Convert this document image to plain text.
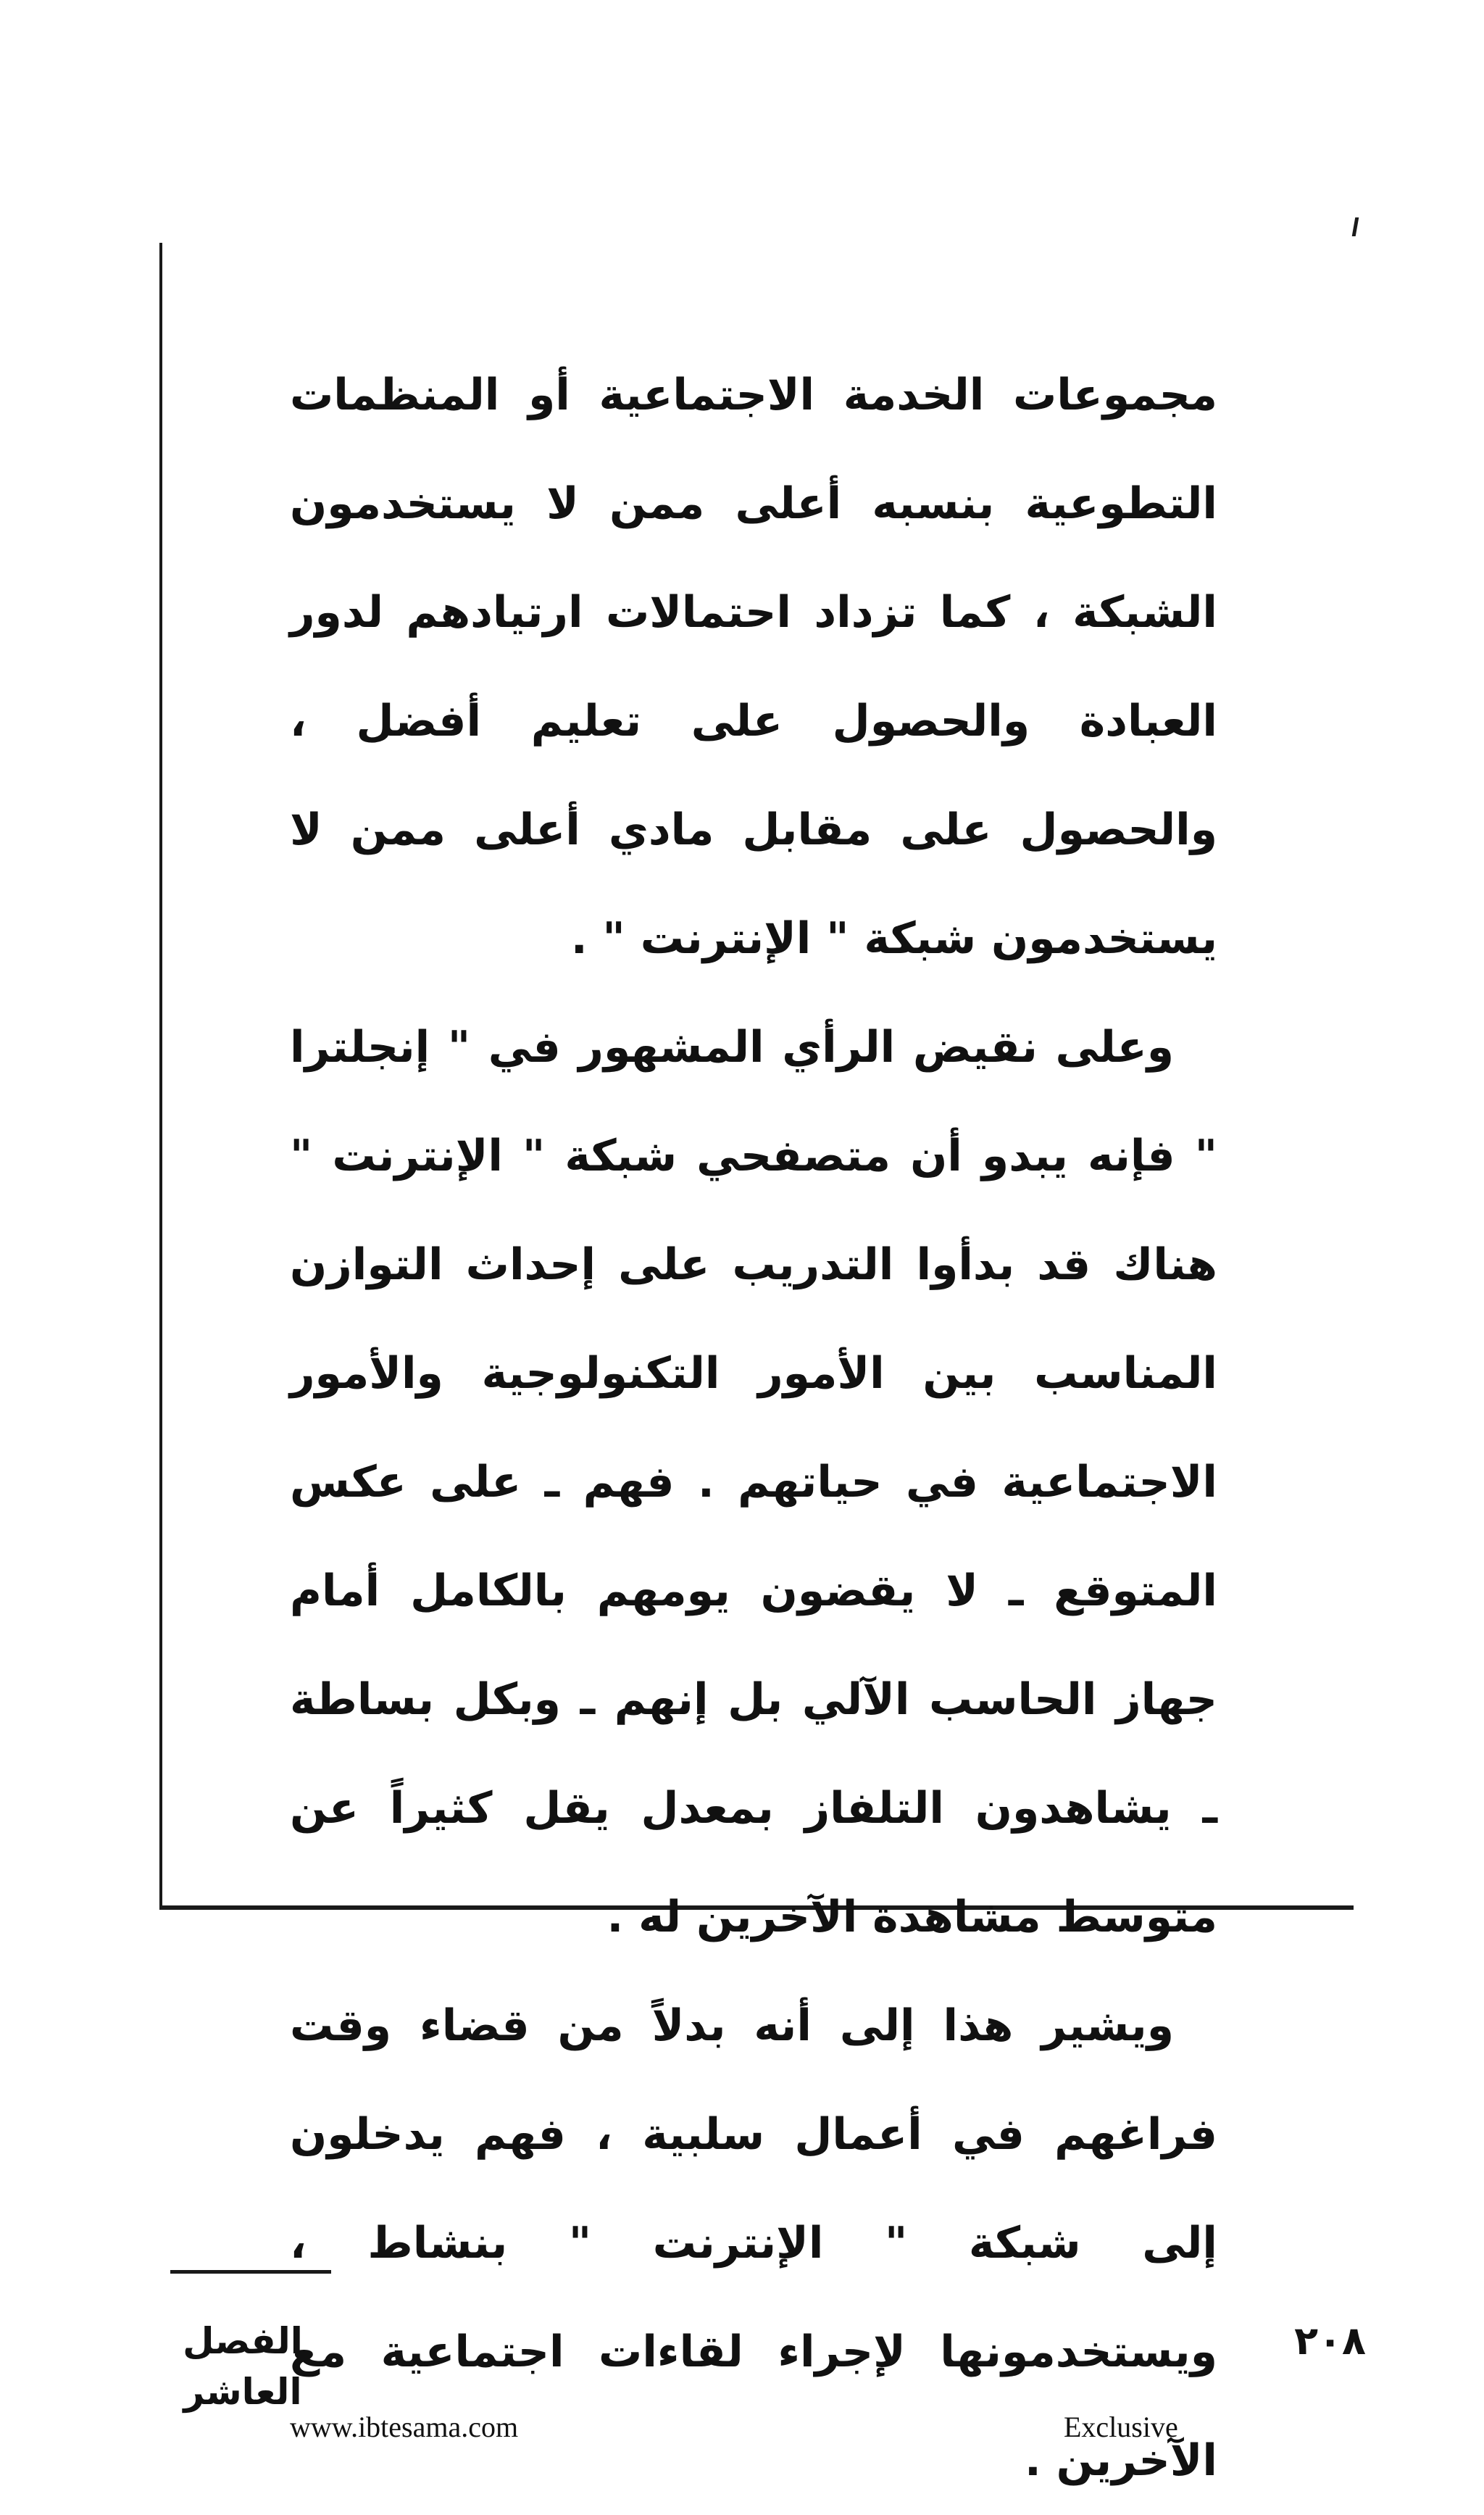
مجموعات الخدمة الاجتماعية أو المنظمات التطوعية بنسبه أعلى ممن لا يستخدمون الشبكة ، كما تزداد احتمالات ارتيادهم لدور العبادة والحصول على تعليم أفضل ، والحصول على مقابل مادي أعلى ممن لا يستخدمون شبكة " الإنترنت " .

وعلى نقيض الرأي المشهور في " إنجلترا " فإنه يبدو أن متصفحي شبكة " الإنترنت " هناك قد بدأوا التدريب على إحداث التوازن المناسب بين الأمور التكنولوجية والأمور الاجتماعية في حياتهم . فهم ـ على عكس المتوقع ـ لا يقضون يومهم بالكامل أمام جهاز الحاسب الآلي بل إنهم ـ وبكل بساطة ـ يشاهدون التلفاز بمعدل يقل كثيراً عن متوسط مشاهدة الآخرين له .

ويشير هذا إلى أنه بدلاً من قضاء وقت فراغهم في أعمال سلبية ، فهم يدخلون إلى شبكة " الإنترنت " بنشاط ، ويستخدمونها لإجراء لقاءات اجتماعية مع الآخرين .

الفصل العاشر
٢٠٨
www.ibtesama.com	Exclusive
